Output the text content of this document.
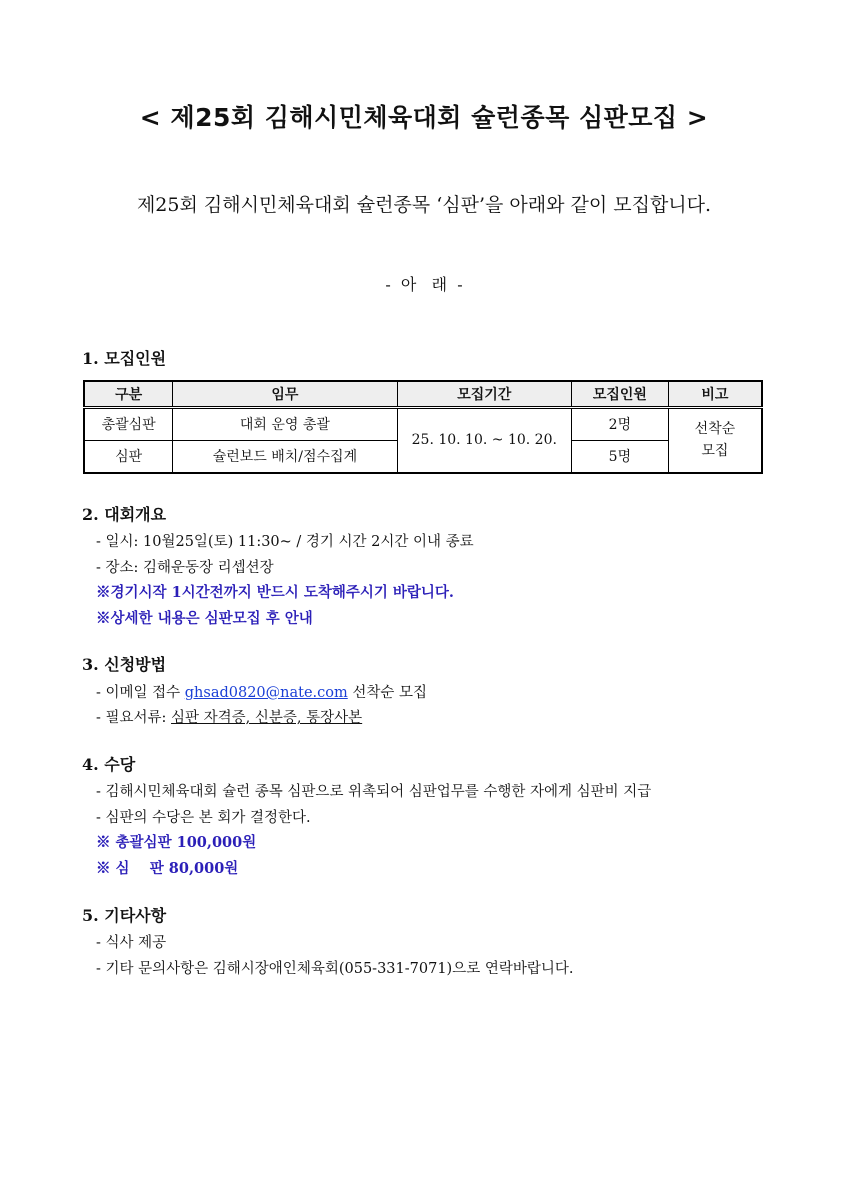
< 제25회 김해시민체육대회 슐런종목 심판모집 >

제25회 김해시민체육대회 슐런종목 ‘심판’을 아래와 같이 모집합니다.

-  아   래  -

1. 모집인원
구분	임무	모집기간	모집인원	비고
총괄심판	대회 운영 총괄	25. 10. 10. ~ 10. 20.	2명	선착순
모집

심판	슐런보드 배치/점수집계		5명	
2. 대회개요

- 일시: 10월25일(토) 11:30~ / 경기 시간 2시간 이내 종료

- 장소: 김해운동장 리셉션장

※경기시작 1시간전까지 반드시 도착해주시기 바랍니다.

※상세한 내용은 심판모집 후 안내

3. 신청방법

- 이메일 접수 ghsad0820@nate.com 선착순 모집

- 필요서류: 심판 자격증, 신분증, 통장사본

4. 수당

- 김해시민체육대회 슐런 종목 심판으로 위촉되어 심판업무를 수행한 자에게 심판비 지급

- 심판의 수당은 본 회가 결정한다.

※ 총괄심판 100,000원

※ 심    판 80,000원

5. 기타사항

- 식사 제공

- 기타 문의사항은 김해시장애인체육회(055-331-7071)으로 연락바랍니다.
